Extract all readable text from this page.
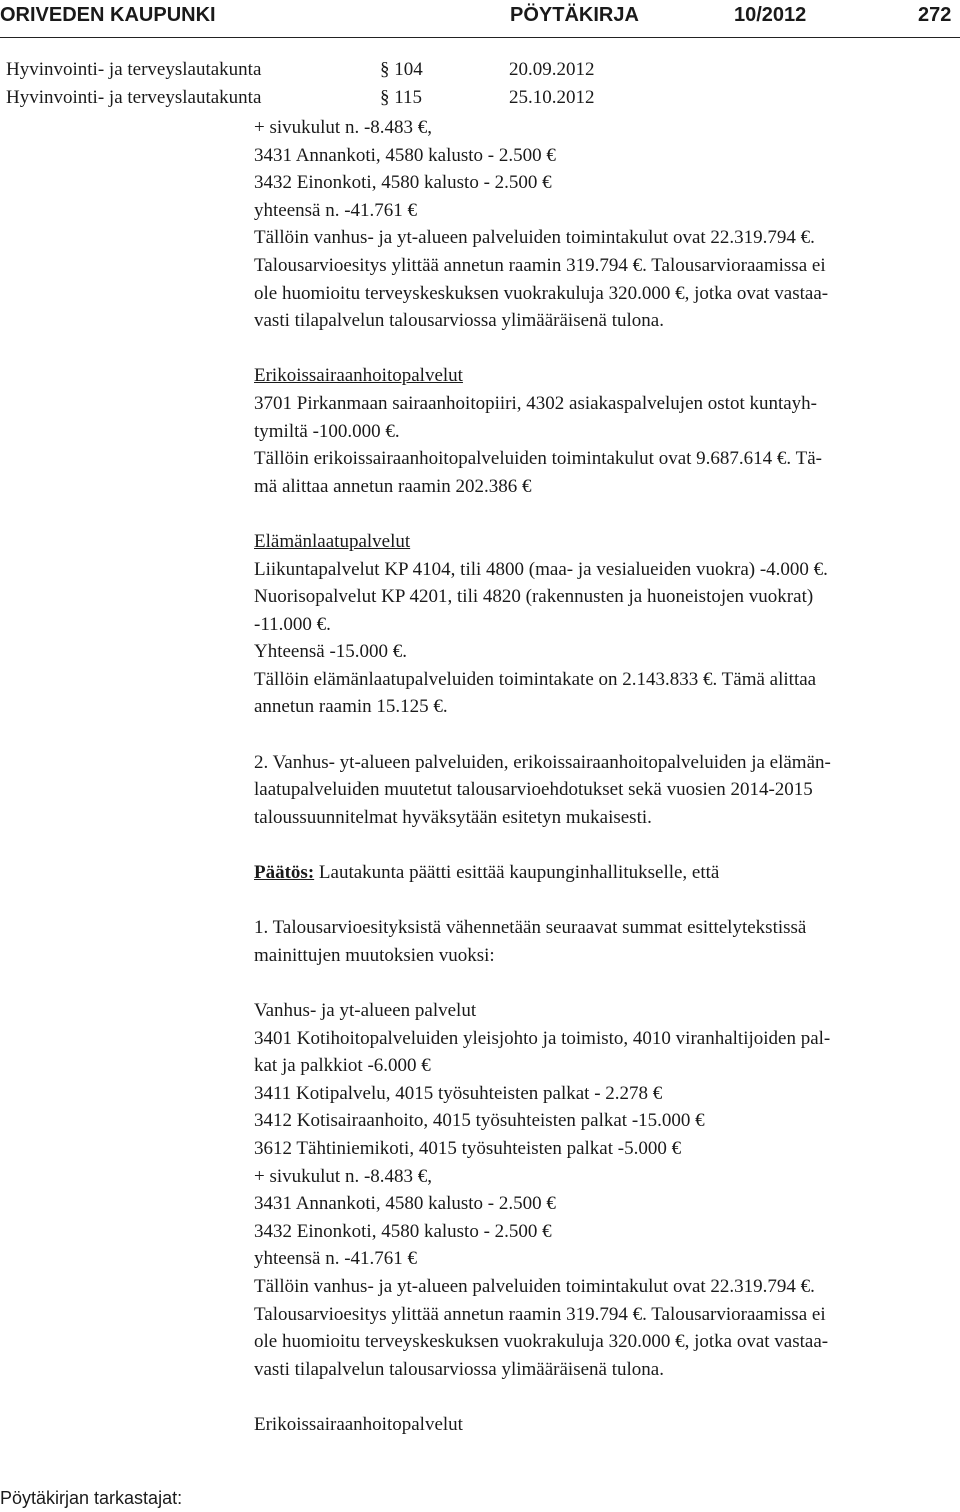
ORIVEDEN KAUPUNKI	PÖYTÄKIRJA	10/2012	272
Hyvinvointi- ja terveyslautakunta	§ 104	20.09.2012
Hyvinvointi- ja terveyslautakunta	§ 115	25.10.2012
+ sivukulut n. -8.483 €,
3431 Annankoti, 4580 kalusto - 2.500 €
3432 Einonkoti, 4580 kalusto - 2.500 €
yhteensä n. -41.761 €
Tällöin vanhus- ja yt-alueen palveluiden toimintakulut ovat 22.319.794 €.
Talousarvioesitys ylittää annetun raamin 319.794 €. Talousarvioraamissa ei
ole huomioitu terveyskeskuksen vuokrakuluja 320.000 €, jotka ovat vastaa-
vasti tilapalvelun talousarviossa ylimääräisenä tulona.
Erikoissairaanhoitopalvelut
3701 Pirkanmaan sairaanhoitopiiri, 4302 asiakaspalvelujen ostot kuntayh-
tymiltä -100.000 €.
Tällöin erikoissairaanhoitopalveluiden toimintakulut ovat 9.687.614 €. Tä-
mä alittaa annetun raamin 202.386 €
Elämänlaatupalvelut
Liikuntapalvelut KP 4104, tili 4800 (maa- ja vesialueiden vuokra) -4.000 €.
Nuorisopalvelut KP 4201, tili 4820 (rakennusten ja huoneistojen vuokrat)
-11.000 €.
Yhteensä -15.000 €.
Tällöin elämänlaatupalveluiden toimintakate on 2.143.833 €. Tämä alittaa
annetun raamin 15.125 €.
2. Vanhus- yt-alueen palveluiden, erikoissairaanhoitopalveluiden ja elämän-
laatupalveluiden muutetut talousarvioehdotukset sekä vuosien 2014-2015
taloussuunnitelmat hyväksytään esitetyn mukaisesti.
Päätös: Lautakunta päätti esittää kaupunginhallitukselle, että
1. Talousarvioesityksistä vähennetään seuraavat summat esittelytekstissä
mainittujen muutoksien vuoksi:
Vanhus- ja yt-alueen palvelut
3401 Kotihoitopalveluiden yleisjohto ja toimisto, 4010 viranhaltijoiden pal-
kat ja palkkiot -6.000 €
3411 Kotipalvelu, 4015 työsuhteisten palkat - 2.278 €
3412 Kotisairaanhoito, 4015 työsuhteisten palkat -15.000 €
3612 Tähtiniemikoti, 4015 työsuhteisten palkat -5.000 €
+ sivukulut n. -8.483 €,
3431 Annankoti, 4580 kalusto - 2.500 €
3432 Einonkoti, 4580 kalusto - 2.500 €
yhteensä n. -41.761 €
Tällöin vanhus- ja yt-alueen palveluiden toimintakulut ovat 22.319.794 €.
Talousarvioesitys ylittää annetun raamin 319.794 €. Talousarvioraamissa ei
ole huomioitu terveyskeskuksen vuokrakuluja 320.000 €, jotka ovat vastaa-
vasti tilapalvelun talousarviossa ylimääräisenä tulona.
Erikoissairaanhoitopalvelut
Pöytäkirjan tarkastajat:
